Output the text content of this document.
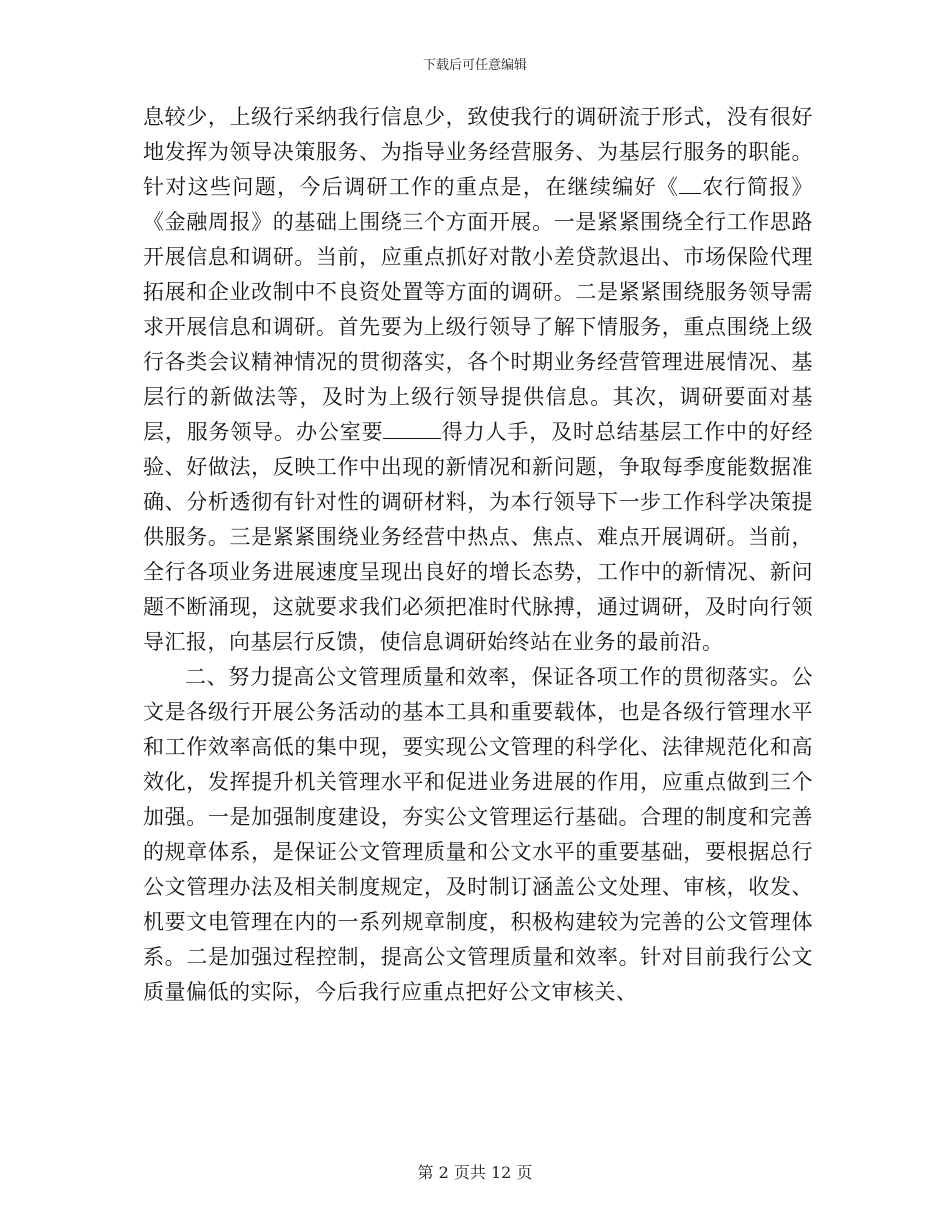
下载后可任意编辑

息较少，上级行采纳我行信息少，致使我行的调研流于形式，没有很好地发挥为领导决策服务、为指导业务经营服务、为基层行服务的职能。针对这些问题，今后调研工作的重点是，在继续编好《 农行简报》《金融周报》的基础上围绕三个方面开展。一是紧紧围绕全行工作思路开展信息和调研。当前，应重点抓好对散小差贷款退出、市场保险代理拓展和企业改制中不良资处置等方面的调研。二是紧紧围绕服务领导需求开展信息和调研。首先要为上级行领导了解下情服务，重点围绕上级行各类会议精神情况的贯彻落实，各个时期业务经营管理进展情况、基层行的新做法等，及时为上级行领导提供信息。其次，调研要面对基层，服务领导。办公室要	得力人手，及时总结基层工作中的好经验、好做法，反映工作中出现的新情况和新问题，争取每季度能数据准确、分析透彻有针对性的调研材料，为本行领导下一步工作科学决策提供服务。三是紧紧围绕业务经营中热点、焦点、难点开展调研。当前，全行各项业务进展速度呈现出良好的增长态势，工作中的新情况、新问题不断涌现，这就要求我们必须把准时代脉搏，通过调研，及时向行领导汇报，向基层行反馈，使信息调研始终站在业务的最前沿。

二、努力提高公文管理质量和效率，保证各项工作的贯彻落实。公文是各级行开展公务活动的基本工具和重要载体，也是各级行管理水平和工作效率高低的集中现，要实现公文管理的科学化、法律规范化和高效化，发挥提升机关管理水平和促进业务进展的作用，应重点做到三个加强。一是加强制度建设，夯实公文管理运行基础。合理的制度和完善的规章体系，是保证公文管理质量和公文水平的重要基础，要根据总行公文管理办法及相关制度规定，及时制订涵盖公文处理、审核，收发、机要文电管理在内的一系列规章制度，积极构建较为完善的公文管理体系。二是加强过程控制，提高公文管理质量和效率。针对目前我行公文质量偏低的实际，今后我行应重点把好公文审核关、

第 2 页共 12 页
